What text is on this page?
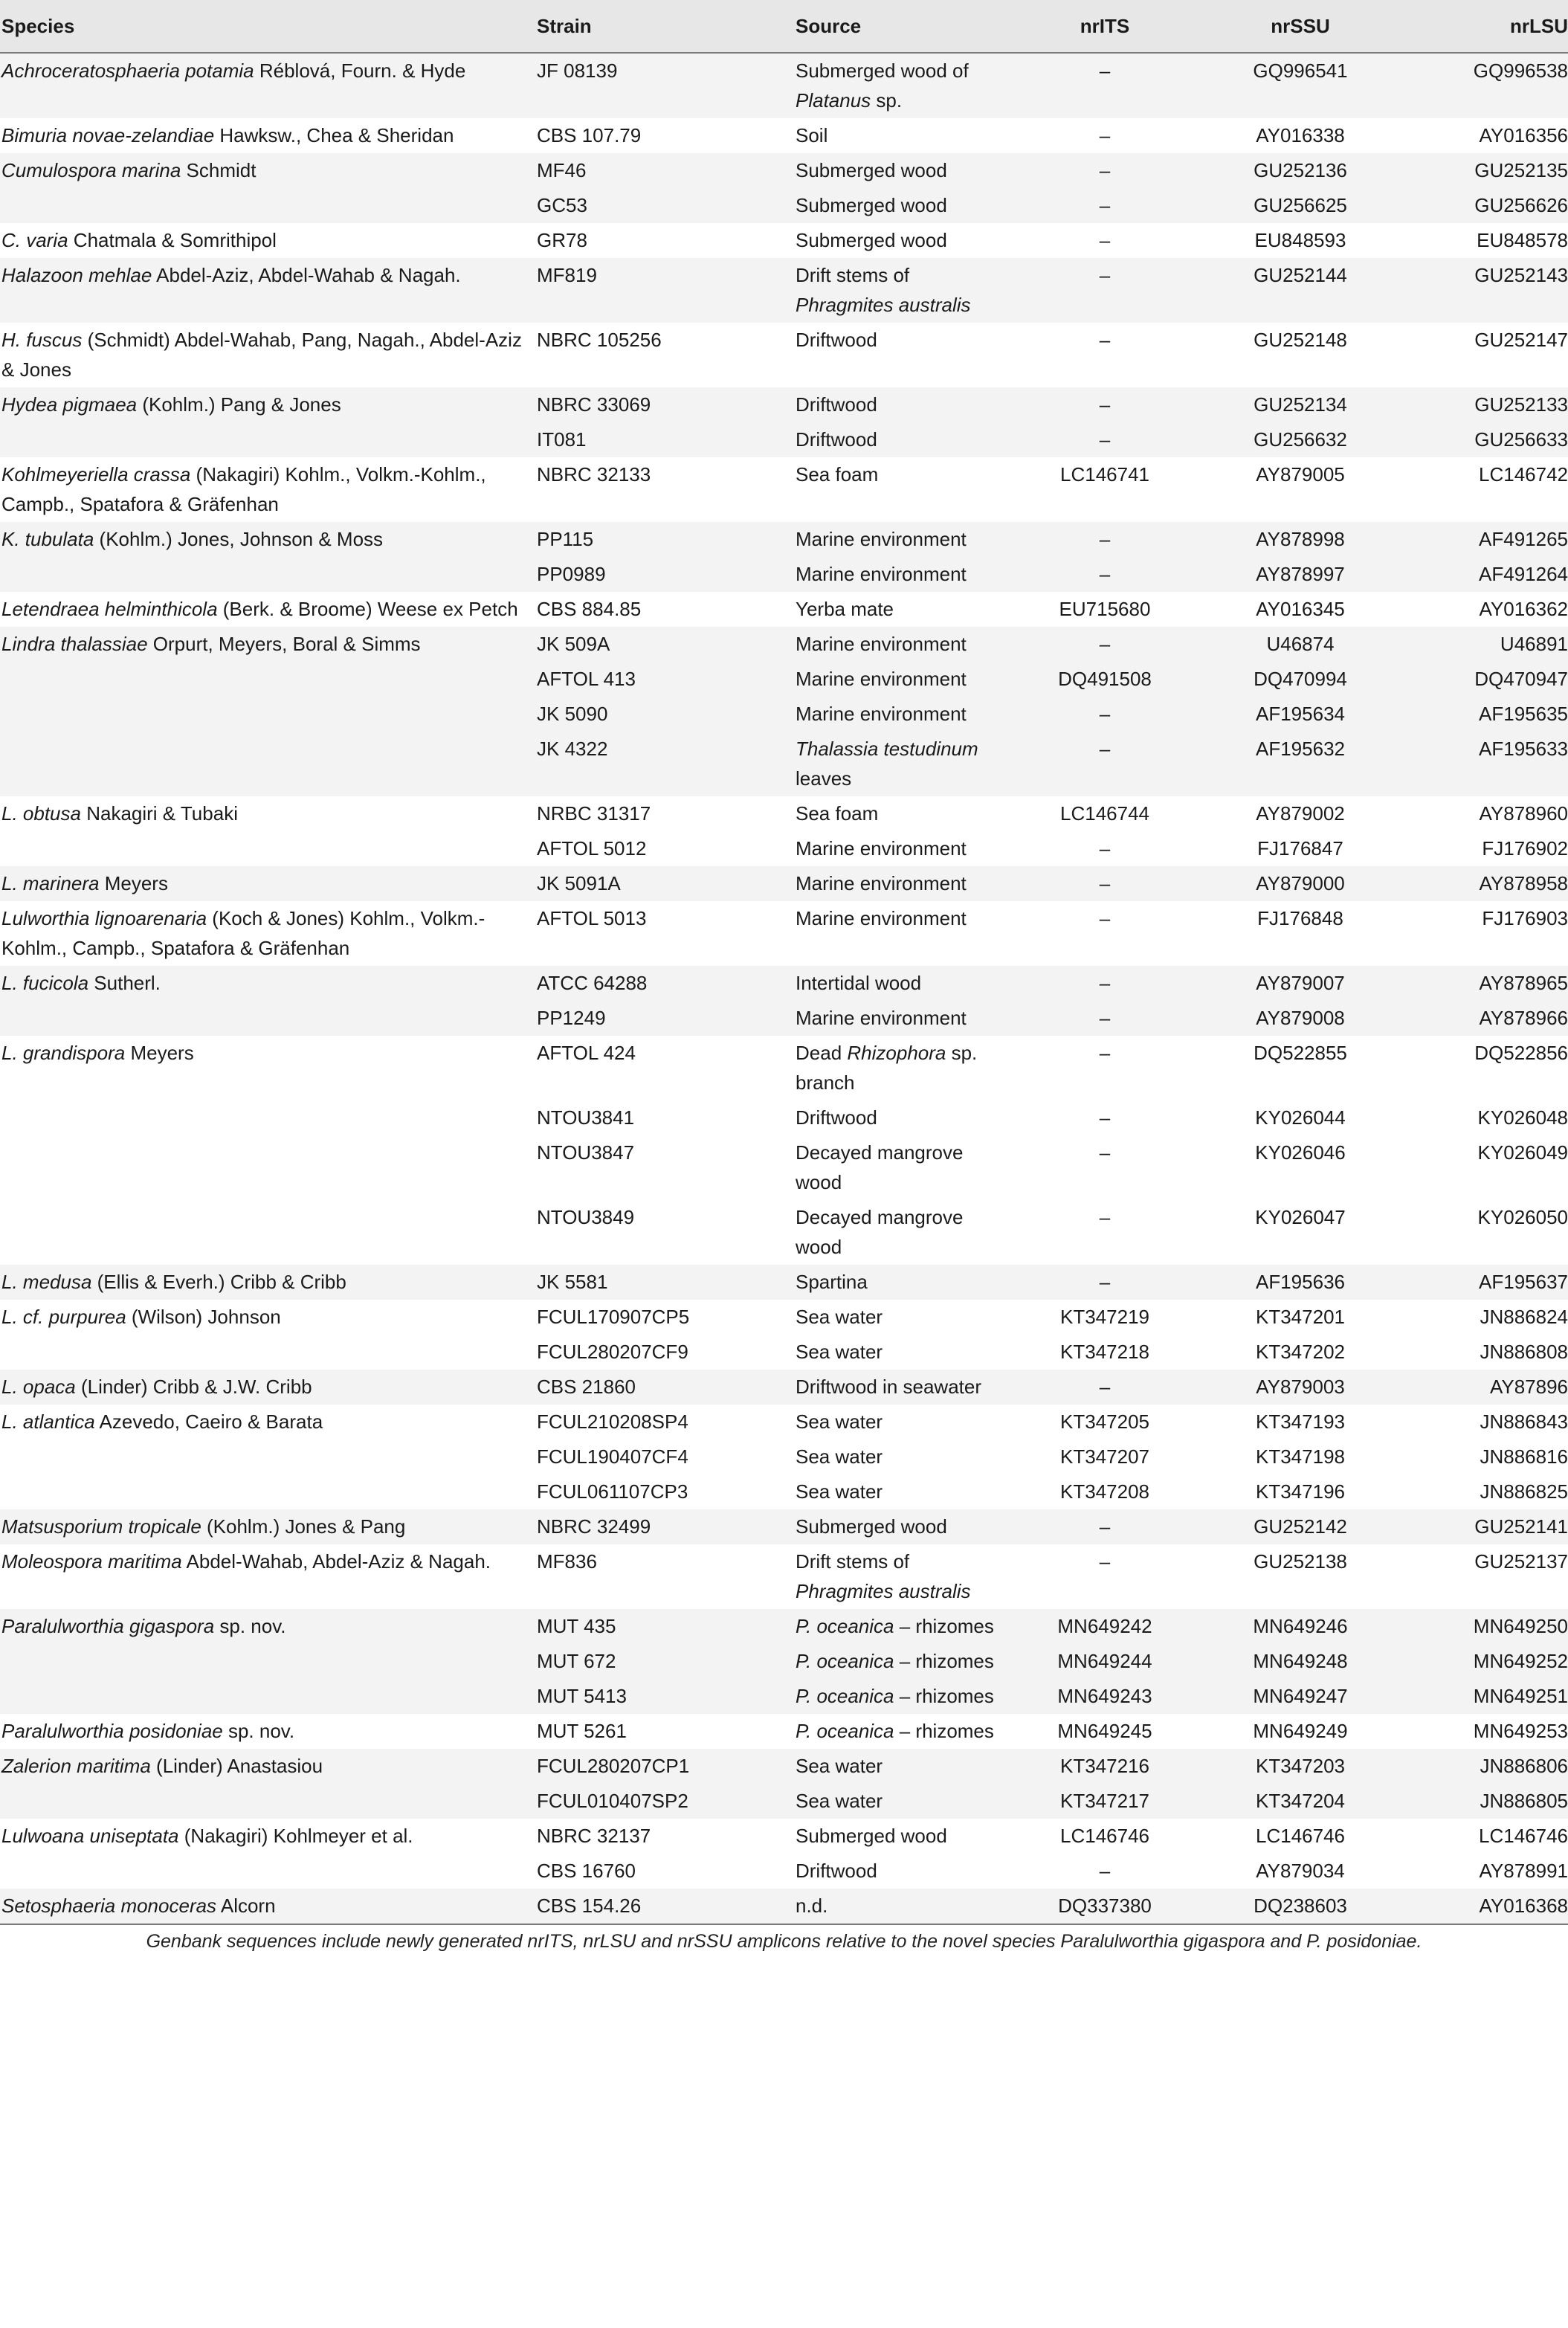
Species	Strain	Source	nrITS	nrSSU	nrLSU
Achroceratosphaeria potamia Réblová, Fourn. & Hyde	JF 08139	Submerged wood of Platanus sp.	–	GQ996541	GQ996538
Bimuria novae-zelandiae Hawksw., Chea & Sheridan	CBS 107.79	Soil	–	AY016338	AY016356
Cumulospora marina Schmidt	MF46	Submerged wood	–	GU252136	GU252135
	GC53	Submerged wood	–	GU256625	GU256626
C. varia Chatmala & Somrithipol	GR78	Submerged wood	–	EU848593	EU848578
Halazoon mehlae Abdel-Aziz, Abdel-Wahab & Nagah.	MF819	Drift stems of Phragmites australis	–	GU252144	GU252143
H. fuscus (Schmidt) Abdel-Wahab, Pang, Nagah., Abdel-Aziz & Jones	NBRC 105256	Driftwood	–	GU252148	GU252147
Hydea pigmaea (Kohlm.) Pang & Jones	NBRC 33069	Driftwood	–	GU252134	GU252133
	IT081	Driftwood	–	GU256632	GU256633
Kohlmeyeriella crassa (Nakagiri) Kohlm., Volkm.-Kohlm., Campb., Spatafora & Gräfenhan	NBRC 32133	Sea foam	LC146741	AY879005	LC146742
K. tubulata (Kohlm.) Jones, Johnson & Moss	PP115	Marine environment	–	AY878998	AF491265
	PP0989	Marine environment	–	AY878997	AF491264
Letendraea helminthicola (Berk. & Broome) Weese ex Petch	CBS 884.85	Yerba mate	EU715680	AY016345	AY016362
Lindra thalassiae Orpurt, Meyers, Boral & Simms	JK 509A	Marine environment	–	U46874	U46891
	AFTOL 413	Marine environment	DQ491508	DQ470994	DQ470947
	JK 5090	Marine environment	–	AF195634	AF195635
	JK 4322	Thalassia testudinum leaves	–	AF195632	AF195633
L. obtusa Nakagiri & Tubaki	NRBC 31317	Sea foam	LC146744	AY879002	AY878960
	AFTOL 5012	Marine environment	–	FJ176847	FJ176902
L. marinera Meyers	JK 5091A	Marine environment	–	AY879000	AY878958
Lulworthia lignoarenaria (Koch & Jones) Kohlm., Volkm.-Kohlm., Campb., Spatafora & Gräfenhan	AFTOL 5013	Marine environment	–	FJ176848	FJ176903
L. fucicola Sutherl.	ATCC 64288	Intertidal wood	–	AY879007	AY878965
	PP1249	Marine environment	–	AY879008	AY878966
L. grandispora Meyers	AFTOL 424	Dead Rhizophora sp. branch	–	DQ522855	DQ522856
	NTOU3841	Driftwood	–	KY026044	KY026048
	NTOU3847	Decayed mangrove wood	–	KY026046	KY026049
	NTOU3849	Decayed mangrove wood	–	KY026047	KY026050
L. medusa (Ellis & Everh.) Cribb & Cribb	JK 5581	Spartina	–	AF195636	AF195637
L. cf. purpurea (Wilson) Johnson	FCUL170907CP5	Sea water	KT347219	KT347201	JN886824
	FCUL280207CF9	Sea water	KT347218	KT347202	JN886808
L. opaca (Linder) Cribb & J.W. Cribb	CBS 21860	Driftwood in seawater	–	AY879003	AY87896
L. atlantica Azevedo, Caeiro & Barata	FCUL210208SP4	Sea water	KT347205	KT347193	JN886843
	FCUL190407CF4	Sea water	KT347207	KT347198	JN886816
	FCUL061107CP3	Sea water	KT347208	KT347196	JN886825
Matsusporium tropicale (Kohlm.) Jones & Pang	NBRC 32499	Submerged wood	–	GU252142	GU252141
Moleospora maritima Abdel-Wahab, Abdel-Aziz & Nagah.	MF836	Drift stems of Phragmites australis	–	GU252138	GU252137
Paralulworthia gigaspora sp. nov.	MUT 435	P. oceanica – rhizomes	MN649242	MN649246	MN649250
	MUT 672	P. oceanica – rhizomes	MN649244	MN649248	MN649252
	MUT 5413	P. oceanica – rhizomes	MN649243	MN649247	MN649251
Paralulworthia posidoniae sp. nov.	MUT 5261	P. oceanica – rhizomes	MN649245	MN649249	MN649253
Zalerion maritima (Linder) Anastasiou	FCUL280207CP1	Sea water	KT347216	KT347203	JN886806
	FCUL010407SP2	Sea water	KT347217	KT347204	JN886805
Lulwoana uniseptata (Nakagiri) Kohlmeyer et al.	NBRC 32137	Submerged wood	LC146746	LC146746	LC146746
	CBS 16760	Driftwood	–	AY879034	AY878991
Setosphaeria monoceras Alcorn	CBS 154.26	n.d.	DQ337380	DQ238603	AY016368
Genbank sequences include newly generated nrITS, nrLSU and nrSSU amplicons relative to the novel species Paralulworthia gigaspora and P. posidoniae.
